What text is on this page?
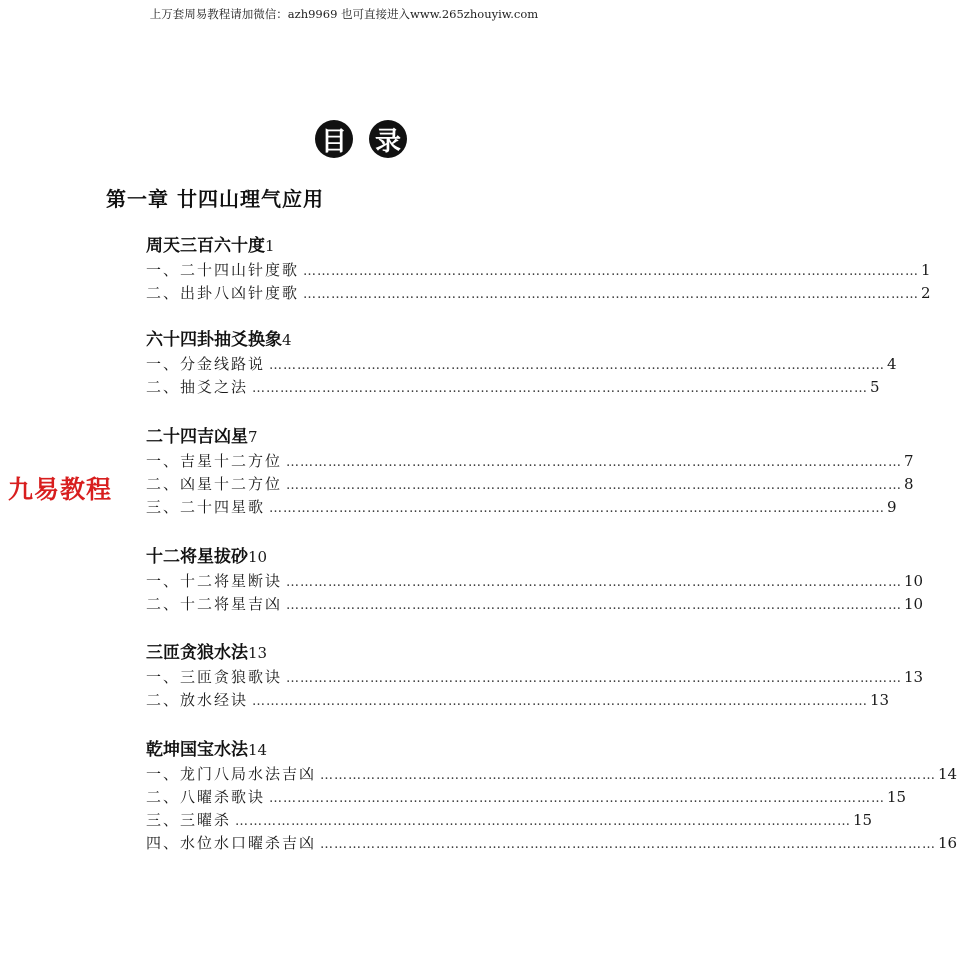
上万套周易教程请加微信：azh9969 也可直接进入www.265zhouyiw.com
目 录
第一章 廿四山理气应用
九易教程
周天三百六十度1
一、二十四山针度歌 …………………………………………………………………………………………………………………… 1
二、出卦八凶针度歌 …………………………………………………………………………………………………………………… 2
六十四卦抽爻换象4
一、分金线路说 …………………………………………………………………………………………………………………… 4
二、抽爻之法 …………………………………………………………………………………………………………………… 5
二十四吉凶星7
一、吉星十二方位 …………………………………………………………………………………………………………………… 7
二、凶星十二方位 …………………………………………………………………………………………………………………… 8
三、二十四星歌 …………………………………………………………………………………………………………………… 9
十二将星拔砂10
一、十二将星断诀 …………………………………………………………………………………………………………………… 10
二、十二将星吉凶 …………………………………………………………………………………………………………………… 10
三匝贪狼水法13
一、三匝贪狼歌诀 …………………………………………………………………………………………………………………… 13
二、放水经诀 …………………………………………………………………………………………………………………… 13
乾坤国宝水法14
一、龙门八局水法吉凶 …………………………………………………………………………………………………………………… 14
二、八曜杀歌诀 …………………………………………………………………………………………………………………… 15
三、三曜杀 …………………………………………………………………………………………………………………… 15
四、水位水口曜杀吉凶 …………………………………………………………………………………………………………………… 16
